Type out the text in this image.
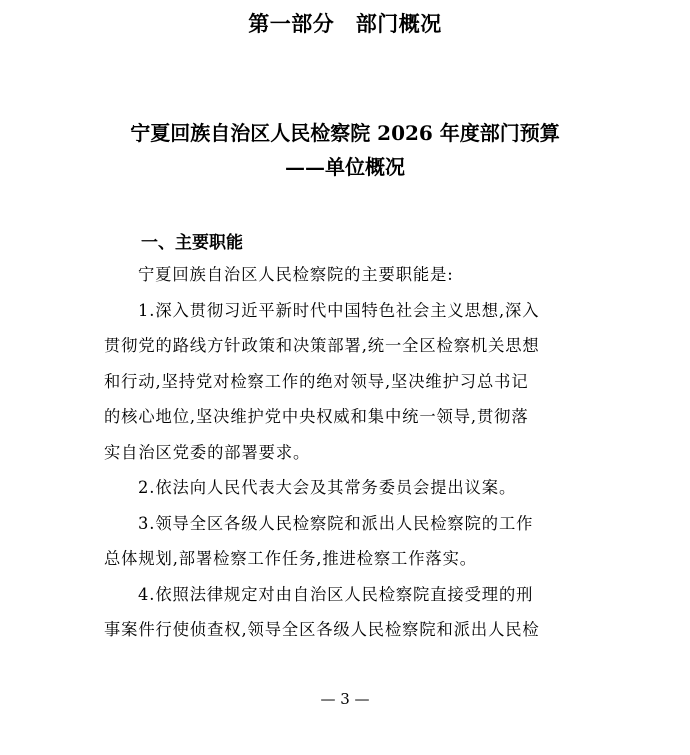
第一部分　部门概况
宁夏回族自治区人民检察院 2026 年度部门预算
——单位概况
一、主要职能
宁夏回族自治区人民检察院的主要职能是:
1.深入贯彻习近平新时代中国特色社会主义思想,深入
贯彻党的路线方针政策和决策部署,统一全区检察机关思想
和行动,坚持党对检察工作的绝对领导,坚决维护习总书记
的核心地位,坚决维护党中央权威和集中统一领导,贯彻落
实自治区党委的部署要求。
2.依法向人民代表大会及其常务委员会提出议案。
3.领导全区各级人民检察院和派出人民检察院的工作
总体规划,部署检察工作任务,推进检察工作落实。
4.依照法律规定对由自治区人民检察院直接受理的刑
事案件行使侦查权,领导全区各级人民检察院和派出人民检
— 3 —
